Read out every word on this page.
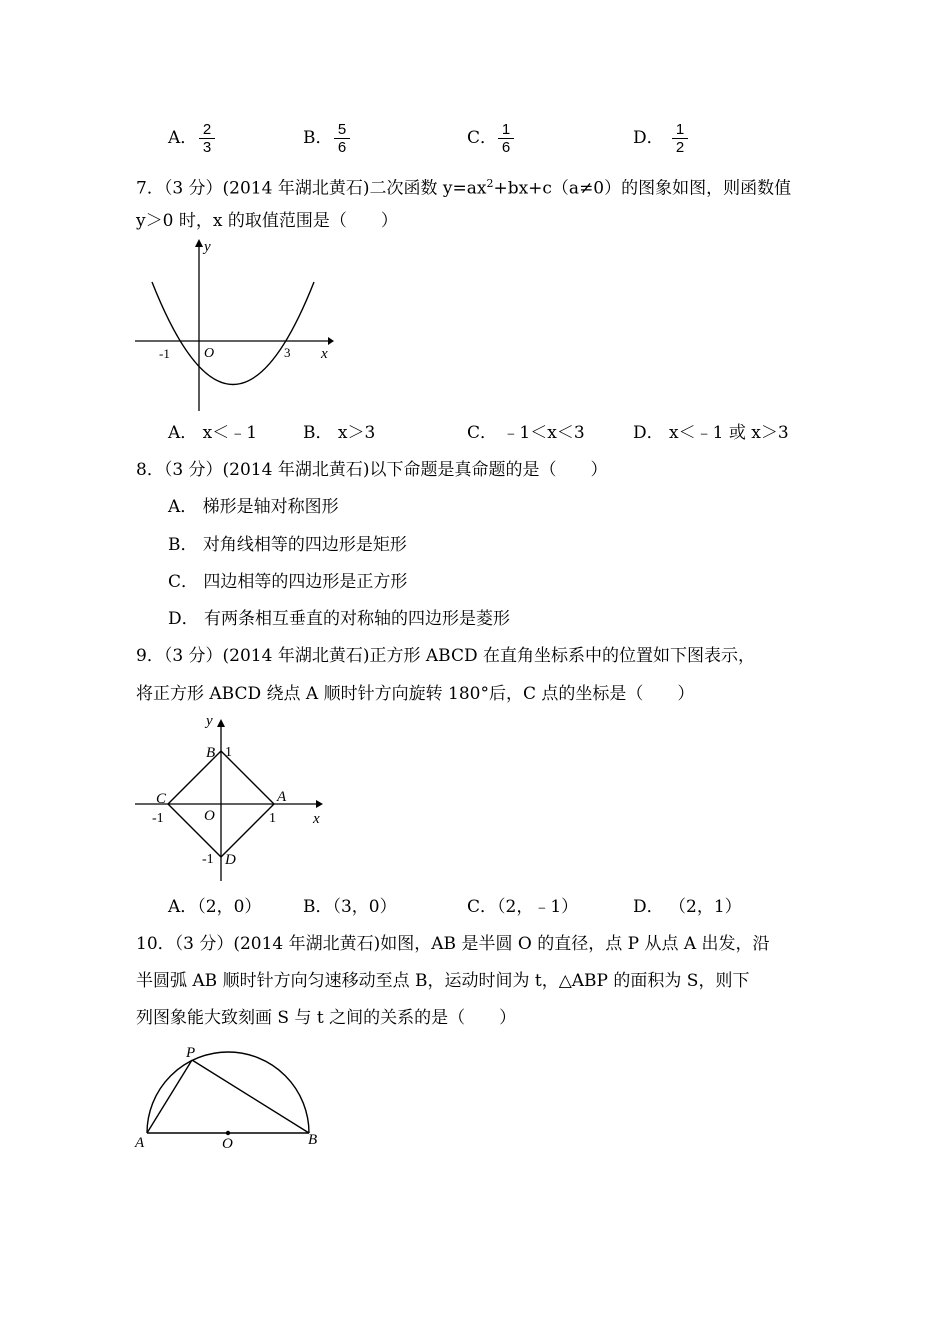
A． $\frac{2}{3}$	B． $\frac{5}{6}$	C． $\frac{1}{6}$	D． $\frac{1}{2}$
7．（3 分）(2014 年湖北黄石)二次函数 $y=ax^2+bx+c(a\ne 0)$的图象如图，则函数值
y＞0 时，x 的取值范围是（　　）
y
x
O
-1	3
A． x＜﹣1	B． x＞3	C． ﹣1＜x＜3	D． x＜﹣1 或 x＞3
8．（3 分）(2014 年湖北黄石)以下命题是真命题的是（　　）
A． 梯形是轴对称图形
B． 对角线相等的四边形是矩形
C． 四边相等的四边形是正方形
D． 有两条相互垂直的对称轴的四边形是菱形
9．（3 分）(2014 年湖北黄石)正方形 ABCD 在直角坐标系中的位置如下图表示，
将正方形 ABCD 绕点 A 顺时针方向旋转 180°后，C 点的坐标是（　　）
y
x
B 1
C	A
-1	O	1
-1 D
A．（2，0） B．（3，0）	C．（2，﹣1）	D． （2，1）
10．（3 分）(2014 年湖北黄石)如图，AB 是半圆 O 的直径，点 P 从点 A 出发，沿
半圆弧 AB 顺时针方向匀速移动至点 B，运动时间为 t，△ABP 的面积为 S，则下
列图象能大致刻画 S 与 t 之间的关系的是（　　）
P
A	O	B
